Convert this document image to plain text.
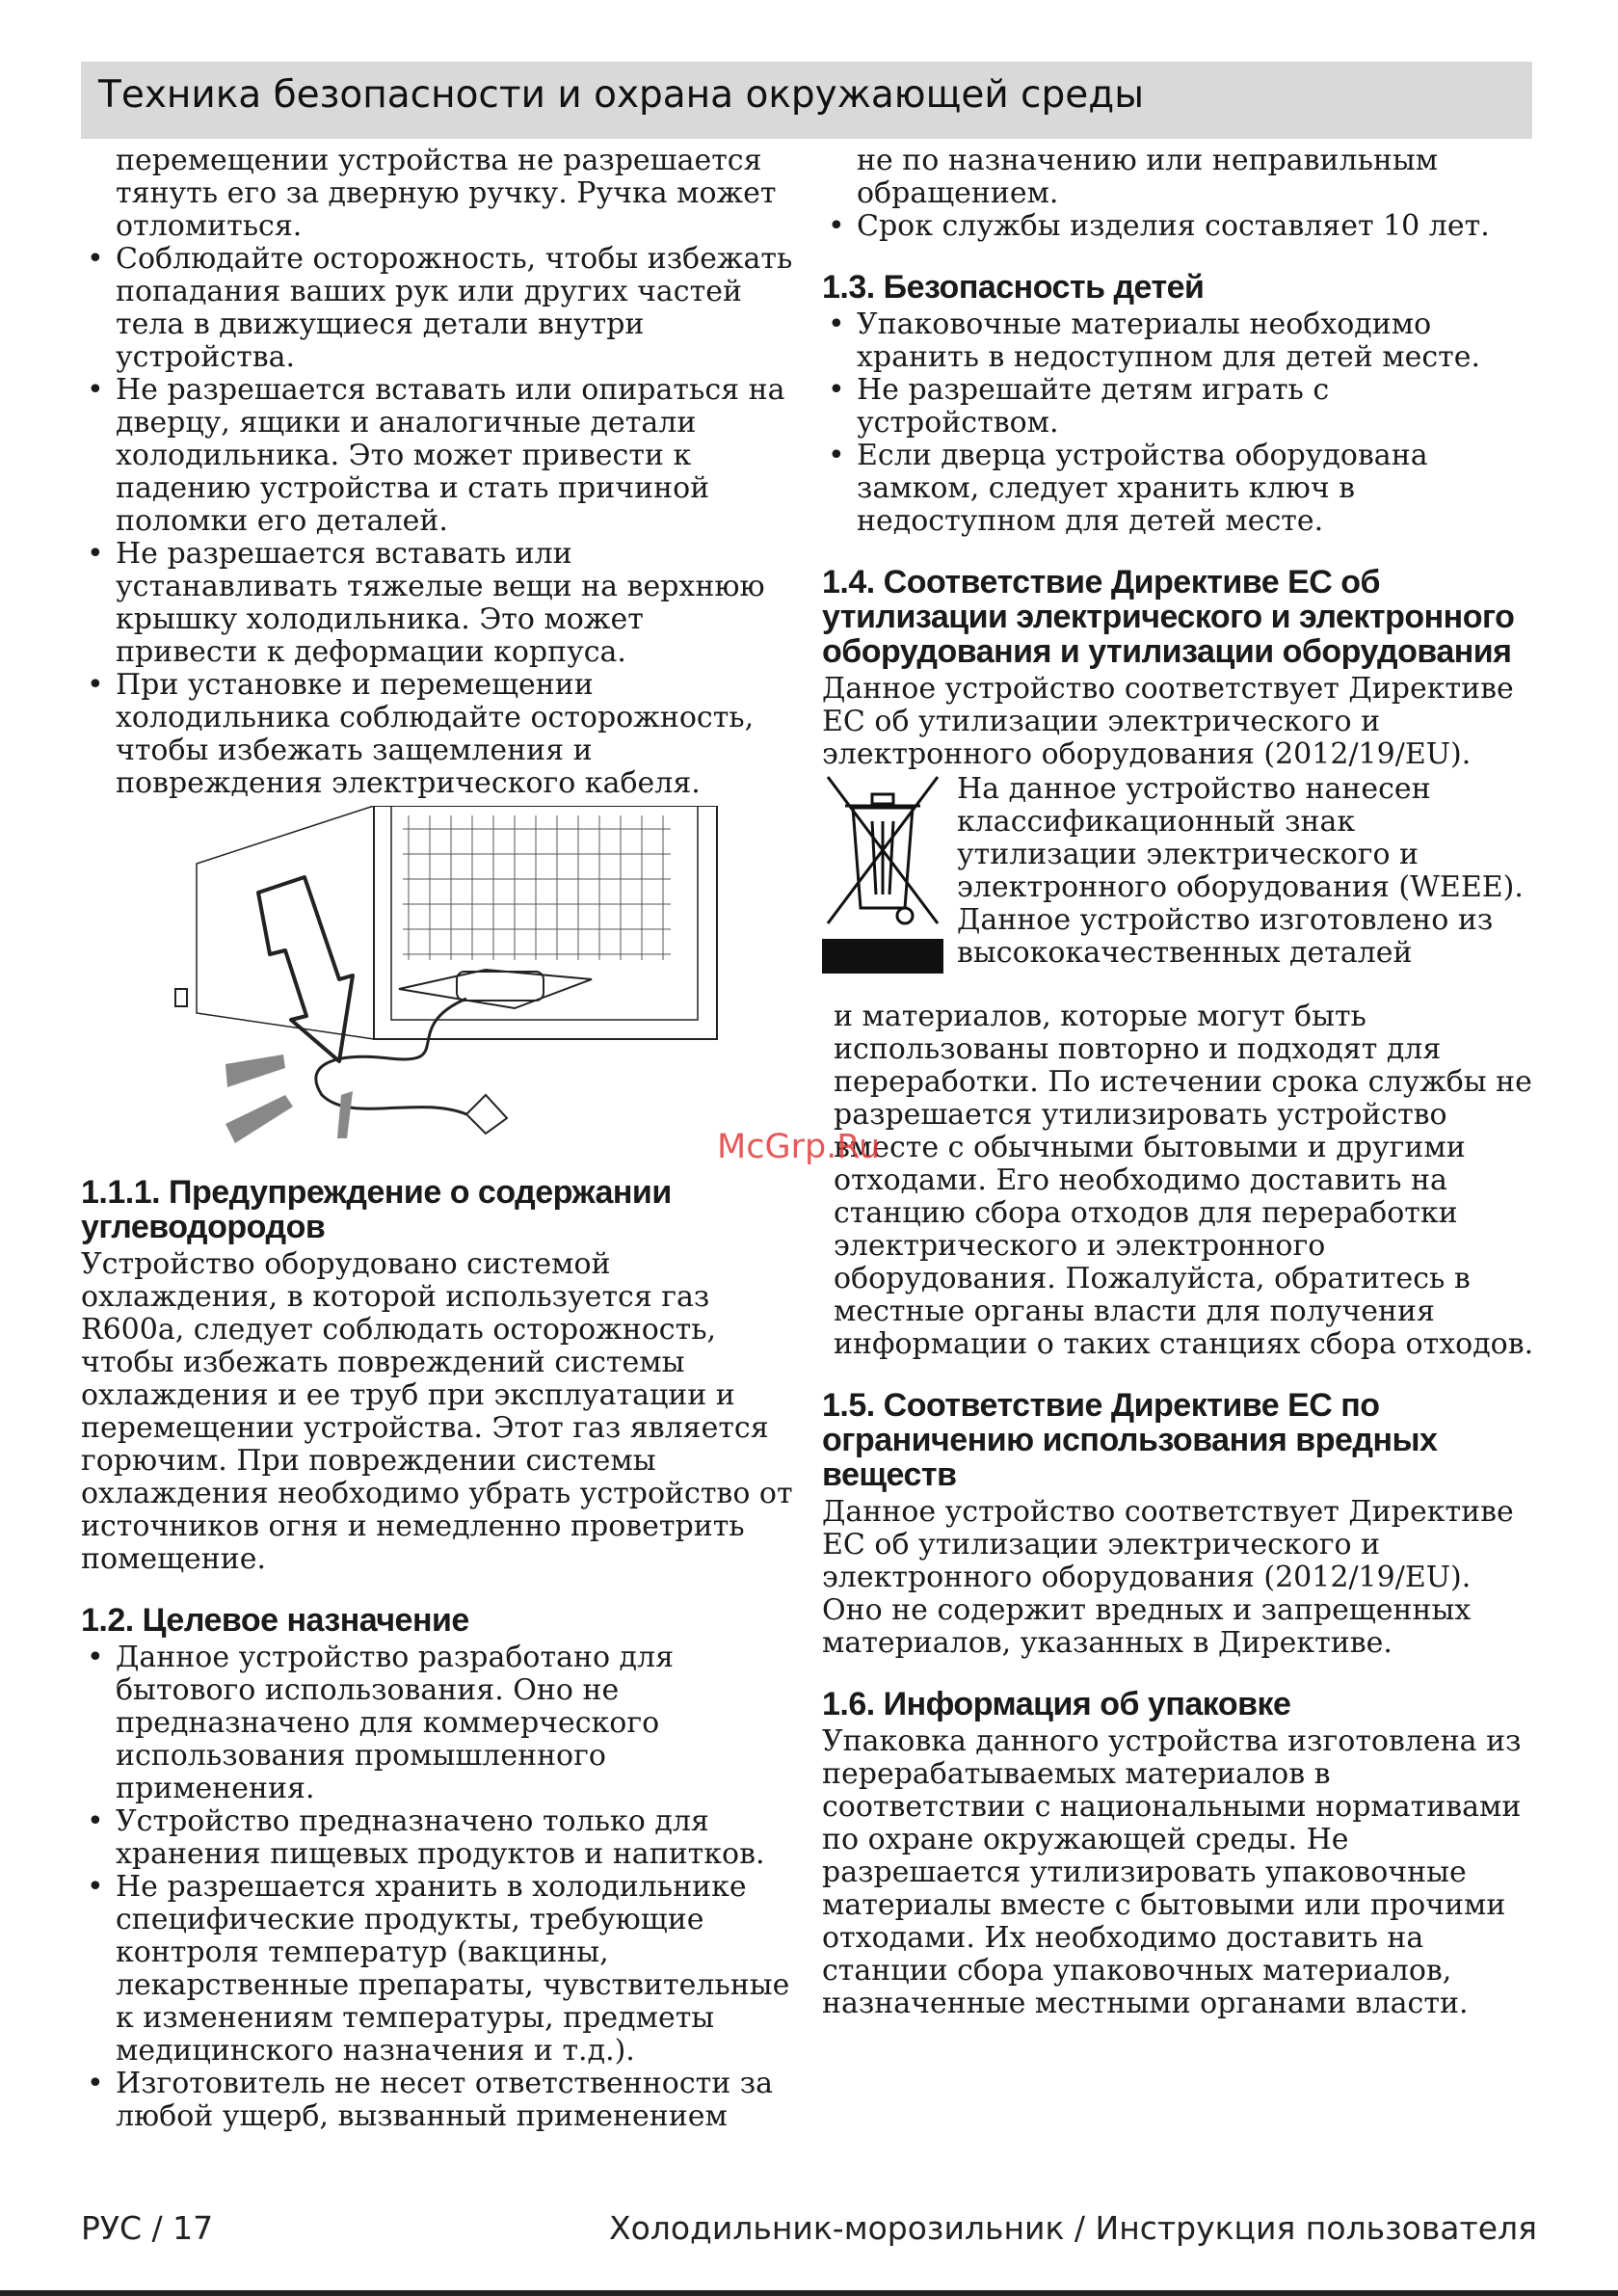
Техника безопасности и охрана окружающей среды

перемещении устройства не разрешается тянуть его за дверную ручку. Ручка может отломиться.

• Соблюдайте осторожность, чтобы избежать попадания ваших рук или других частей тела в движущиеся детали внутри устройства.
• Не разрешается вставать или опираться на дверцу, ящики и аналогичные детали холодильника. Это может привести к падению устройства и стать причиной поломки его деталей.
• Не разрешается вставать или устанавливать тяжелые вещи на верхнюю крышку холодильника. Это может привести к деформации корпуса.
• При установке и перемещении холодильника соблюдайте осторожность, чтобы избежать защемления и повреждения электрического кабеля.
1.1.1. Предупреждение о содержании углеводородов

Устройство оборудовано системой охлаждения, в которой используется газ R600a, следует соблюдать осторожность, чтобы избежать повреждений системы охлаждения и ее труб при эксплуатации и перемещении устройства. Этот газ является горючим. При повреждении системы охлаждения необходимо убрать устройство от источников огня и немедленно проветрить помещение.

1.2. Целевое назначение
• Данное устройство разработано для бытового использования. Оно не предназначено для коммерческого использования промышленного применения.
• Устройство предназначено только для хранения пищевых продуктов и напитков.
• Не разрешается хранить в холодильнике специфические продукты, требующие контроля температур (вакцины, лекарственные препараты, чувствительные к изменениям температуры, предметы медицинского назначения и т.д.).
• Изготовитель не несет ответственности за любой ущерб, вызванный применением

не по назначению или неправильным обращением.

• Срок службы изделия составляет 10 лет.
1.3. Безопасность детей
• Упаковочные материалы необходимо хранить в недоступном для детей месте.
• Не разрешайте детям играть с устройством.
• Если дверца устройства оборудована замком, следует хранить ключ в недоступном для детей месте.
1.4. Соответствие Директиве ЕС об утилизации электрического и электронного оборудования и утилизации оборудования

Данное устройство соответствует Директиве ЕС об утилизации электрического и электронного оборудования (2012/19/EU).

На данное устройство нанесен классификационный знак утилизации электрического и электронного оборудования (WEEE). Данное устройство изготовлено из высококачественных деталей

и материалов, которые могут быть использованы повторно и подходят для переработки. По истечении срока службы не разрешается утилизировать устройство вместе с обычными бытовыми и другими отходами. Его необходимо доставить на станцию сбора отходов для переработки электрического и электронного оборудования. Пожалуйста, обратитесь в местные органы власти для получения информации о таких станциях сбора отходов.

1.5. Соответствие Директиве ЕС по ограничению использования вредных веществ

Данное устройство соответствует Директиве ЕС об утилизации электрического и электронного оборудования (2012/19/EU). Оно не содержит вредных и запрещенных материалов, указанных в Директиве.

1.6. Информация об упаковке

Упаковка данного устройства изготовлена из перерабатываемых материалов в соответствии с национальными нормативами по охране окружающей среды. Не разрешается утилизировать упаковочные материалы вместе с бытовыми или прочими отходами. Их необходимо доставить на станции сбора упаковочных материалов, назначенные местными органами власти.

McGrp.Ru
РУС / 17	Холодильник-морозильник / Инструкция пользователя
